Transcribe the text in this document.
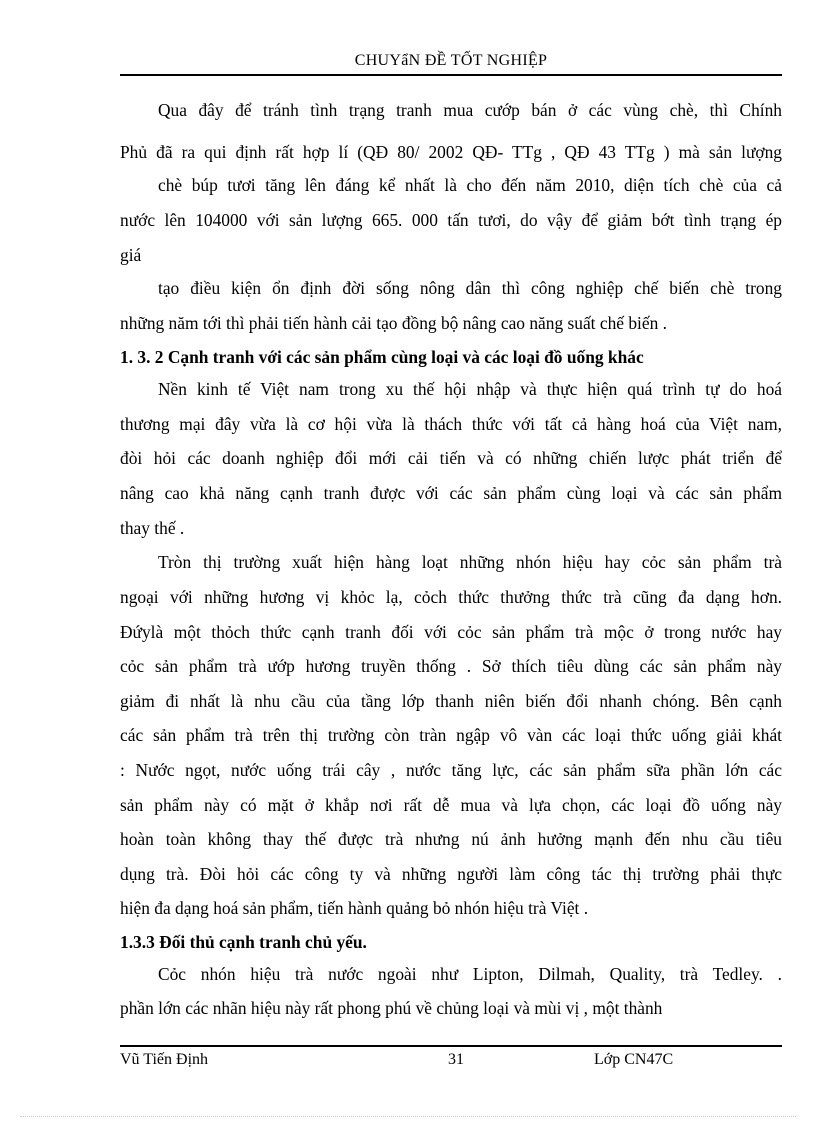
CHUYẩN ĐỀ TỐT NGHIỆP
Qua đây để tránh tình trạng tranh mua cướp bán ở các vùng chè, thì Chính
Phủ đã ra qui định rất hợp lí (QĐ 80/ 2002 QĐ- TTg , QĐ 43 TTg ) mà sản lượng
chè búp tươi tăng lên đáng kể nhất là cho đến năm 2010, diện tích chè của cả
nước lên 104000 với sản lượng 665. 000 tấn tươi, do vậy để giảm bớt tình trạng ép
giá
tạo điều kiện ổn định đời sống nông dân thì công nghiệp chế biến chè trong
những năm tới thì phải tiến hành cải tạo đồng bộ nâng cao năng suất chế biến .
1. 3. 2 Cạnh tranh với các sản phẩm cùng loại và các loại đồ uống khác
Nền kinh tế Việt nam trong xu thế hội nhập và thực hiện quá trình tự do hoá
thương mại đây vừa là cơ hội vừa là thách thức với tất cả hàng hoá của Việt nam,
đòi hỏi các doanh nghiệp đổi mới cải tiến và có những chiến lược phát triển để
nâng cao khả năng cạnh tranh được với các sản phẩm cùng loại và các sản phẩm
thay thế .
Tròn thị trường xuất hiện hàng loạt những nhón hiệu hay cỏc sản phẩm trà
ngoại với những hương vị khỏc lạ, cỏch thức thưởng thức trà cũng đa dạng hơn.
Đứylà một thỏch thức cạnh tranh đối với cỏc sản phẩm trà mộc ở trong nước hay
cỏc sản phẩm trà ướp hương truyền thống . Sở thích tiêu dùng các sản phẩm này
giảm đi nhất là nhu cầu của tầng lớp thanh niên biến đổi nhanh chóng. Bên cạnh
các sản phẩm trà trên thị trường còn tràn ngập vô vàn các loại thức uống giải khát
: Nước ngọt, nước uống trái cây , nước tăng lực, các sản phẩm sữa phần lớn các
sản phẩm này có mặt ở khắp nơi rất dễ mua và lựa chọn, các loại đồ uống này
hoàn toàn không thay thế được trà nhưng nú ảnh hưởng mạnh đến nhu cầu tiêu
dụng trà. Đòi hỏi các công ty và những người làm công tác thị trường phải thực
hiện đa dạng hoá sản phẩm, tiến hành quảng bỏ nhón hiệu trà Việt .
1.3.3 Đối thủ cạnh tranh chủ yếu.
Cỏc nhón hiệu trà nước ngoài như Lipton, Dilmah, Quality, trà Tedley. .
phần lớn các nhãn hiệu này rất phong phú về chủng loại và mùi vị , một thành
Vũ Tiến Định	31	Lớp CN47C
